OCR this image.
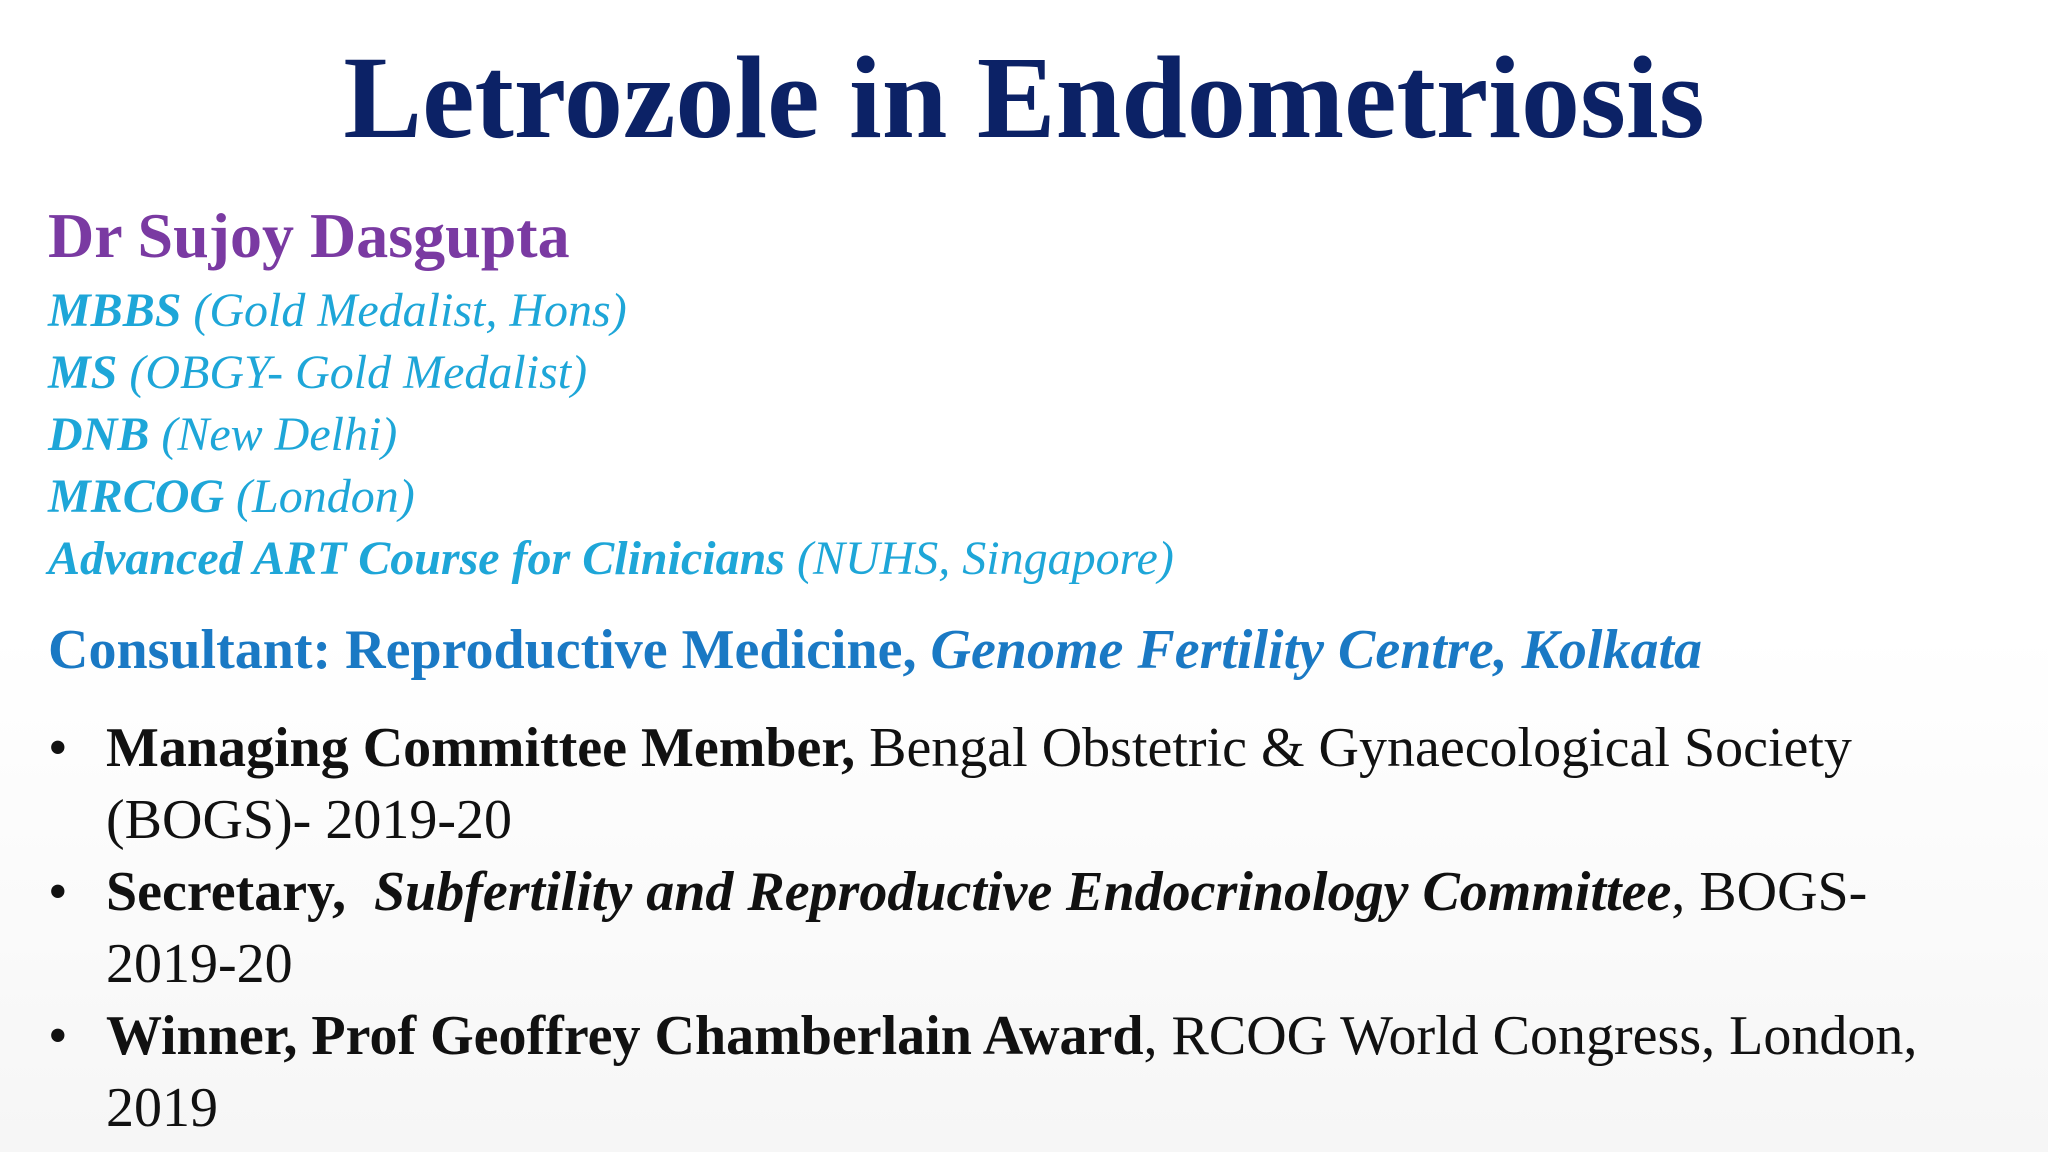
Letrozole in Endometriosis
Dr Sujoy Dasgupta
MBBS (Gold Medalist, Hons)
MS (OBGY- Gold Medalist)
DNB (New Delhi)
MRCOG (London)
Advanced ART Course for Clinicians (NUHS, Singapore)
Consultant: Reproductive Medicine, Genome Fertility Centre, Kolkata
• Managing Committee Member, Bengal Obstetric & Gynaecological Society (BOGS)- 2019-20
• Secretary, Subfertility and Reproductive Endocrinology Committee, BOGS- 2019-20
• Winner, Prof Geoffrey Chamberlain Award, RCOG World Congress, London, 2019
